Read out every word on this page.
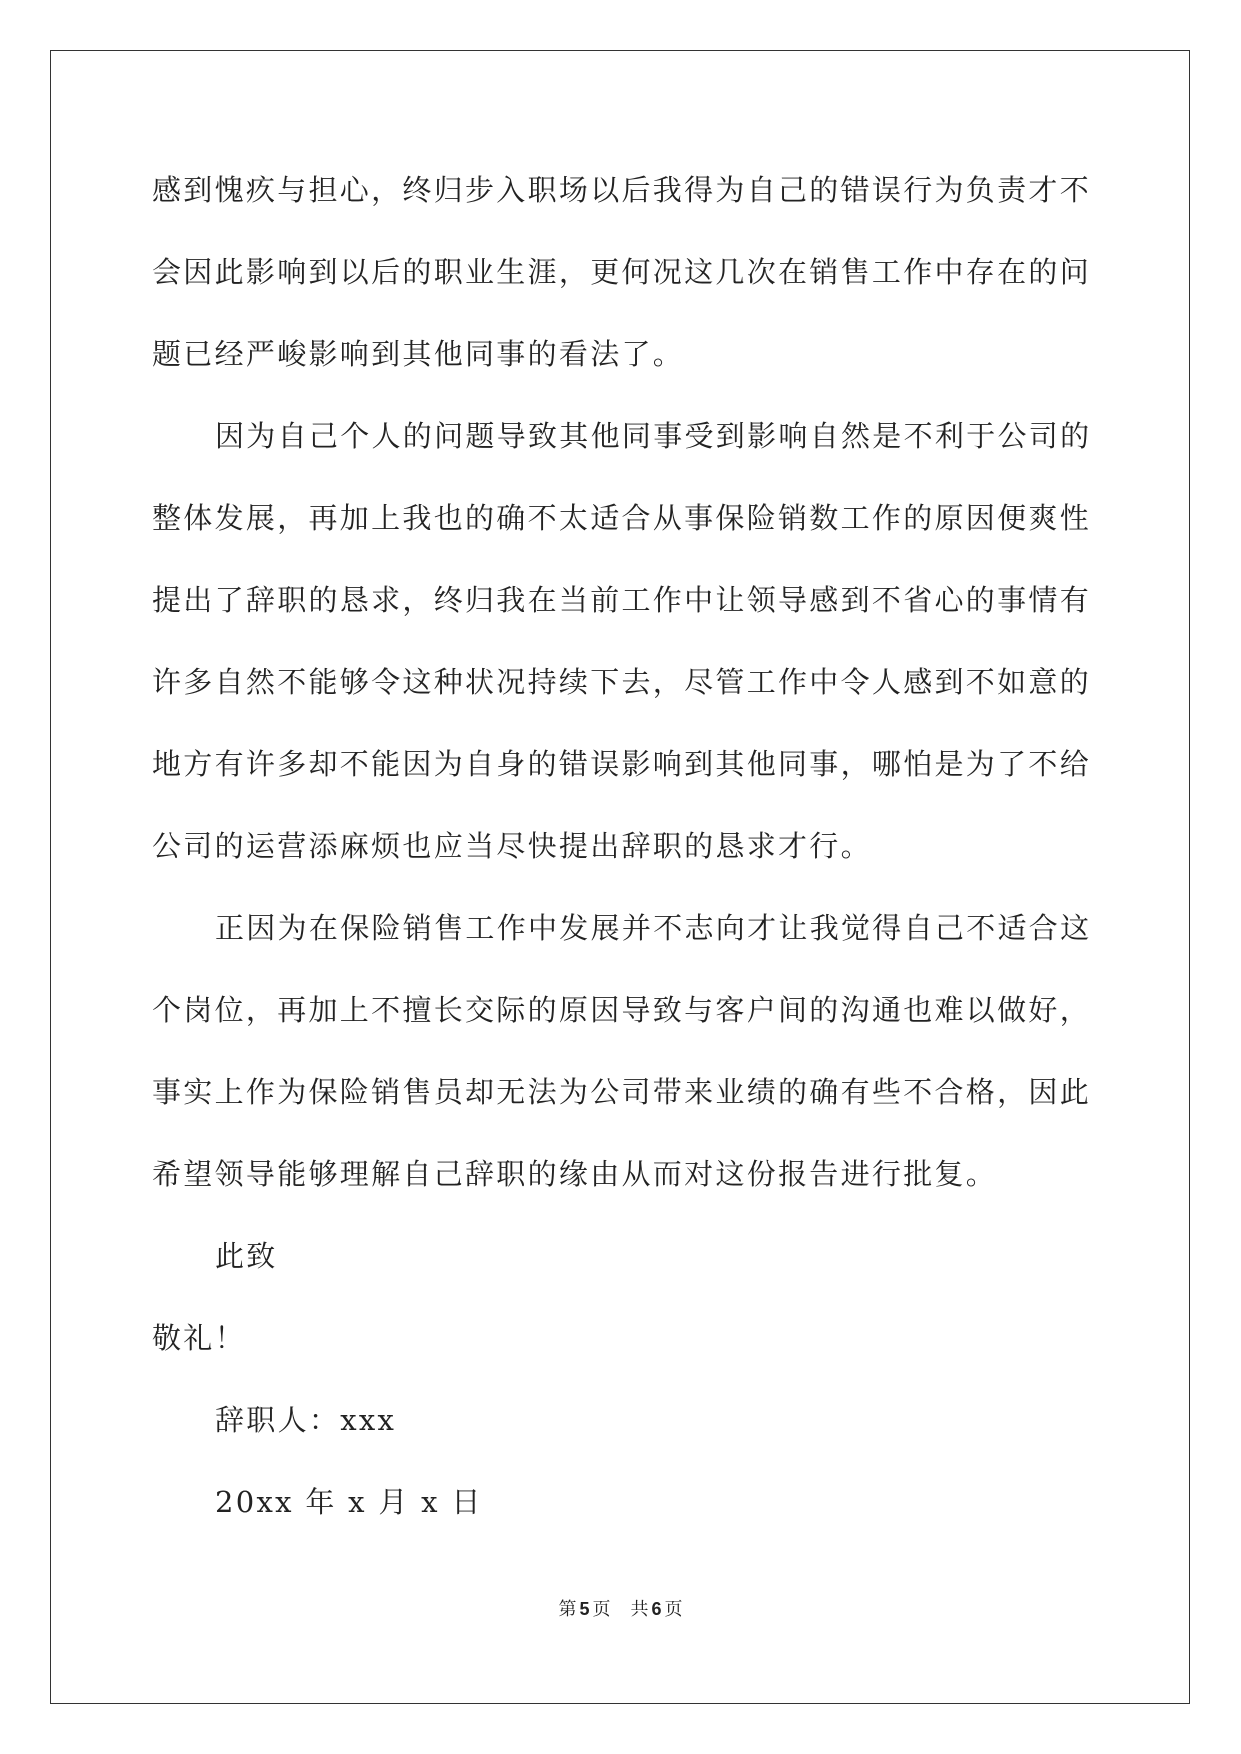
感到愧疚与担心，终归步入职场以后我得为自己的错误行为负责才不
会因此影响到以后的职业生涯，更何况这几次在销售工作中存在的问
题已经严峻影响到其他同事的看法了。
因为自己个人的问题导致其他同事受到影响自然是不利于公司的
整体发展，再加上我也的确不太适合从事保险销数工作的原因便爽性
提出了辞职的恳求，终归我在当前工作中让领导感到不省心的事情有
许多自然不能够令这种状况持续下去，尽管工作中令人感到不如意的
地方有许多却不能因为自身的错误影响到其他同事，哪怕是为了不给
公司的运营添麻烦也应当尽快提出辞职的恳求才行。
正因为在保险销售工作中发展并不志向才让我觉得自己不适合这
个岗位，再加上不擅长交际的原因导致与客户间的沟通也难以做好，
事实上作为保险销售员却无法为公司带来业绩的确有些不合格，因此
希望领导能够理解自己辞职的缘由从而对这份报告进行批复。
此致
敬礼！
辞职人：xxx
20xx 年 x 月 x 日
第 5 页 共 6 页
